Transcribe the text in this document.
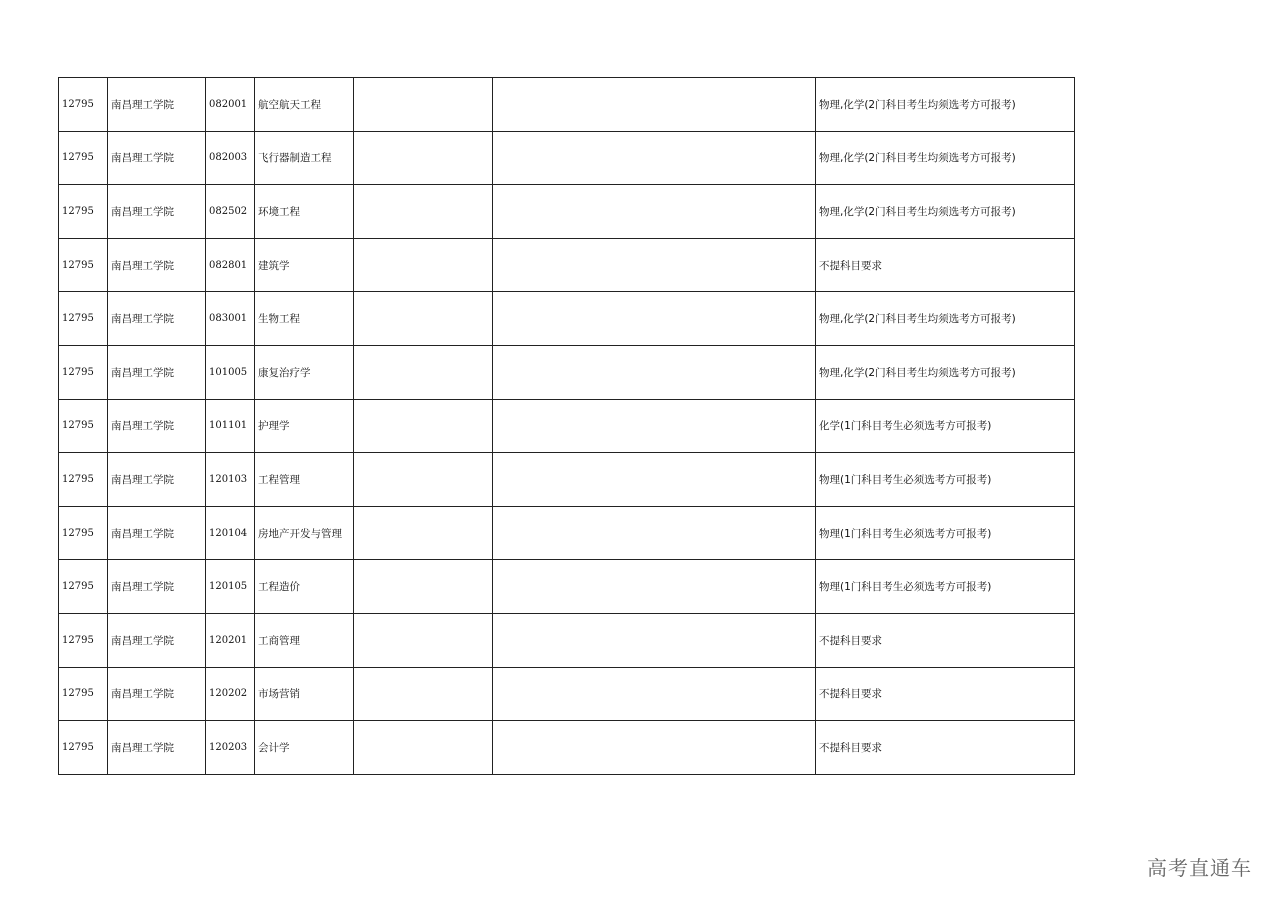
12795	南昌理工学院	082001	航空航天工程			物理,化学(2门科目考生均须选考方可报考)
12795	南昌理工学院	082003	飞行器制造工程			物理,化学(2门科目考生均须选考方可报考)
12795	南昌理工学院	082502	环境工程			物理,化学(2门科目考生均须选考方可报考)
12795	南昌理工学院	082801	建筑学			不提科目要求
12795	南昌理工学院	083001	生物工程			物理,化学(2门科目考生均须选考方可报考)
12795	南昌理工学院	101005	康复治疗学			物理,化学(2门科目考生均须选考方可报考)
12795	南昌理工学院	101101	护理学			化学(1门科目考生必须选考方可报考)
12795	南昌理工学院	120103	工程管理			物理(1门科目考生必须选考方可报考)
12795	南昌理工学院	120104	房地产开发与管理			物理(1门科目考生必须选考方可报考)
12795	南昌理工学院	120105	工程造价			物理(1门科目考生必须选考方可报考)
12795	南昌理工学院	120201	工商管理			不提科目要求
12795	南昌理工学院	120202	市场营销			不提科目要求
12795	南昌理工学院	120203	会计学			不提科目要求
高考直通车
